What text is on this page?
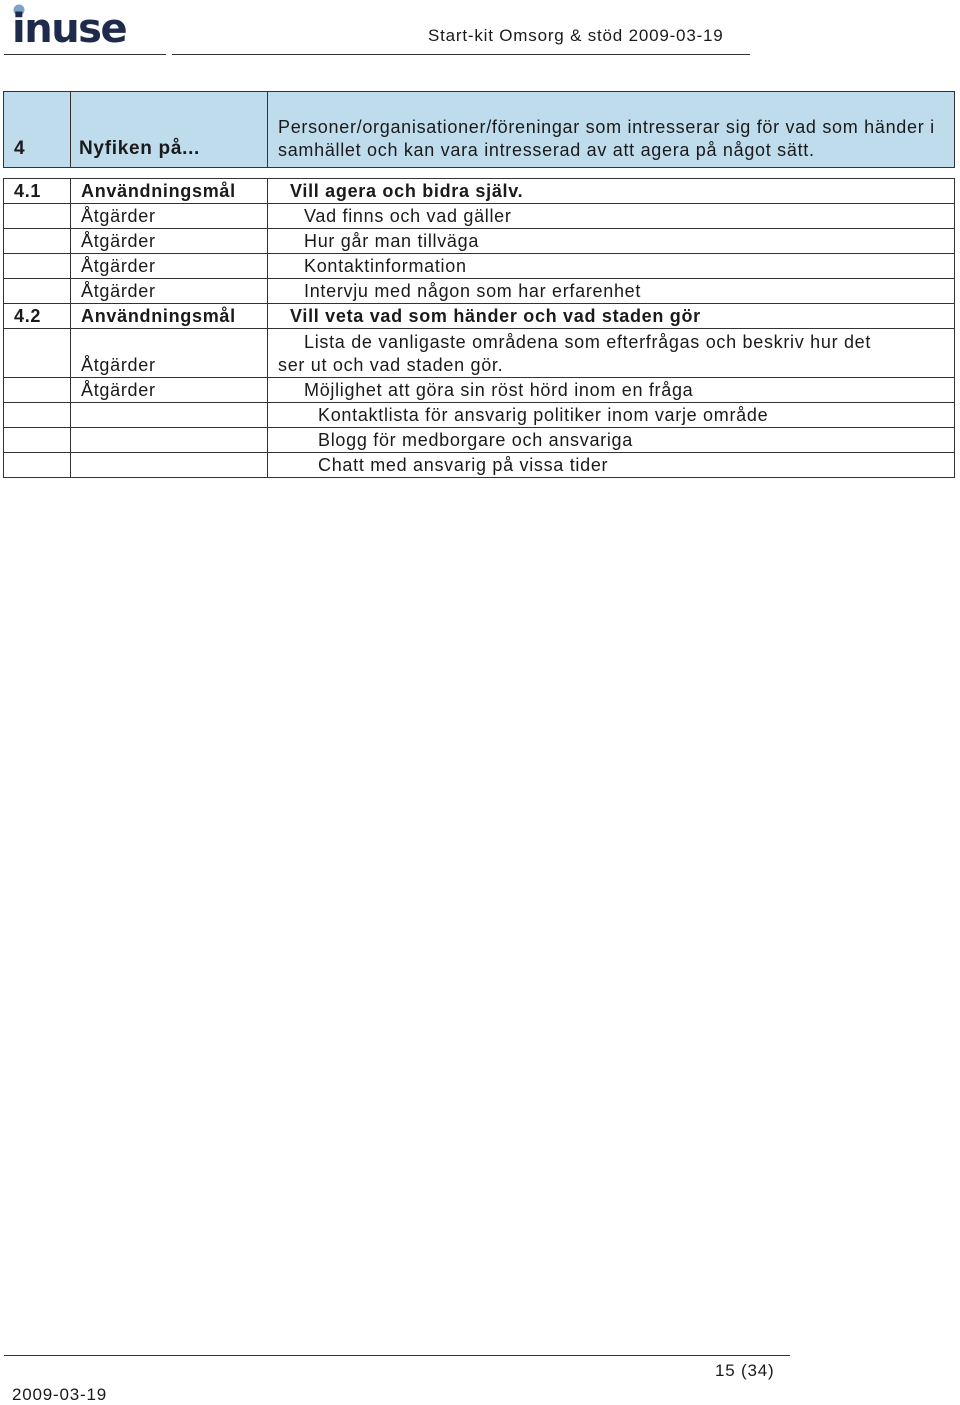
inuse	Start-kit Omsorg & stöd 2009-03-19
4	Nyfiken på...	Personer/organisationer/föreningar som intresserar sig för vad som händer i samhället och kan vara intresserad av att agera på något sätt.

4.1	Användningsmål	Vill agera och bidra själv.
	Åtgärder	Vad finns och vad gäller
	Åtgärder	Hur går man tillväga
	Åtgärder	Kontaktinformation
	Åtgärder	Intervju med någon som har erfarenhet
4.2	Användningsmål	Vill veta vad som händer och vad staden gör
	Åtgärder	Lista de vanligaste områdena som efterfrågas och beskriv hur det
ser ut och vad staden gör.

	Åtgärder	Möjlighet att göra sin röst hörd inom en fråga
		Kontaktlista för ansvarig politiker inom varje område
		Blogg för medborgare och ansvariga
		Chatt med ansvarig på vissa tider
15 (34)
2009-03-19
